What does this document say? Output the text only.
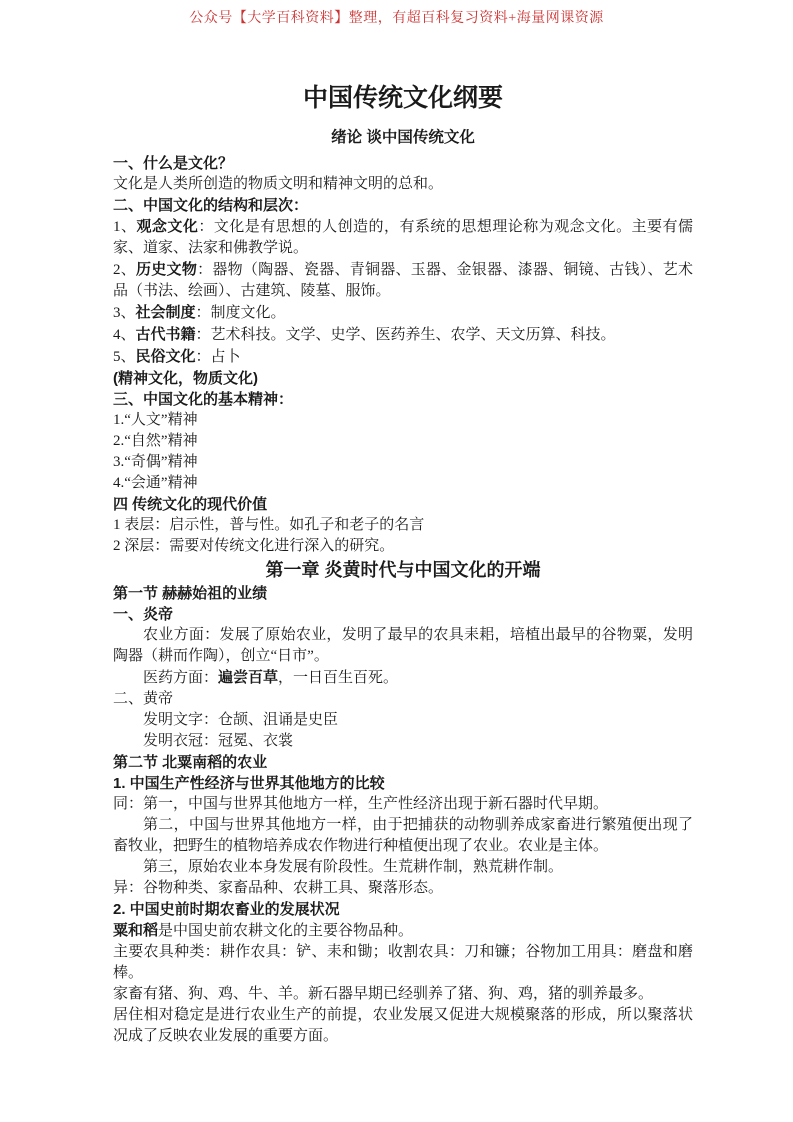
公众号【大学百科资料】整理，有超百科复习资料+海量网课资源
中国传统文化纲要
绪论 谈中国传统文化
一、什么是文化？
文化是人类所创造的物质文明和精神文明的总和。
二、中国文化的结构和层次：
1、观念文化：文化是有思想的人创造的，有系统的思想理论称为观念文化。主要有儒家、道家、法家和佛教学说。
2、历史文物：器物（陶器、瓷器、青铜器、玉器、金银器、漆器、铜镜、古钱）、艺术品（书法、绘画）、古建筑、陵墓、服饰。
3、社会制度：制度文化。
4、古代书籍：艺术科技。文学、史学、医药养生、农学、天文历算、科技。
5、民俗文化：占卜
(精神文化，物质文化)
三、中国文化的基本精神：
1.“人文”精神
2.“自然”精神
3.“奇偶”精神
4.“会通”精神
四 传统文化的现代价值
1 表层：启示性，普与性。如孔子和老子的名言
2 深层：需要对传统文化进行深入的研究。
第一章 炎黄时代与中国文化的开端
第一节 赫赫始祖的业绩
一、炎帝
农业方面：发展了原始农业，发明了最早的农具耒耜，培植出最早的谷物粟，发明陶器（耕而作陶），创立“日市”。
医药方面：遍尝百草，一日百生百死。
二、黄帝
发明文字：仓颉、沮诵是史臣
发明衣冠：冠冕、衣裳
第二节 北粟南稻的农业
1. 中国生产性经济与世界其他地方的比较
同：第一，中国与世界其他地方一样，生产性经济出现于新石器时代早期。
第二，中国与世界其他地方一样，由于把捕获的动物驯养成家畜进行繁殖便出现了畜牧业，把野生的植物培养成农作物进行种植便出现了农业。农业是主体。
第三，原始农业本身发展有阶段性。生荒耕作制，熟荒耕作制。
异：谷物种类、家畜品种、农耕工具、聚落形态。
2. 中国史前时期农畜业的发展状况
粟和稻是中国史前农耕文化的主要谷物品种。
主要农具种类：耕作农具：铲、耒和锄；收割农具：刀和镰；谷物加工用具：磨盘和磨棒。
家畜有猪、狗、鸡、牛、羊。新石器早期已经驯养了猪、狗、鸡，猪的驯养最多。
居住相对稳定是进行农业生产的前提，农业发展又促进大规模聚落的形成，所以聚落状况成了反映农业发展的重要方面。
